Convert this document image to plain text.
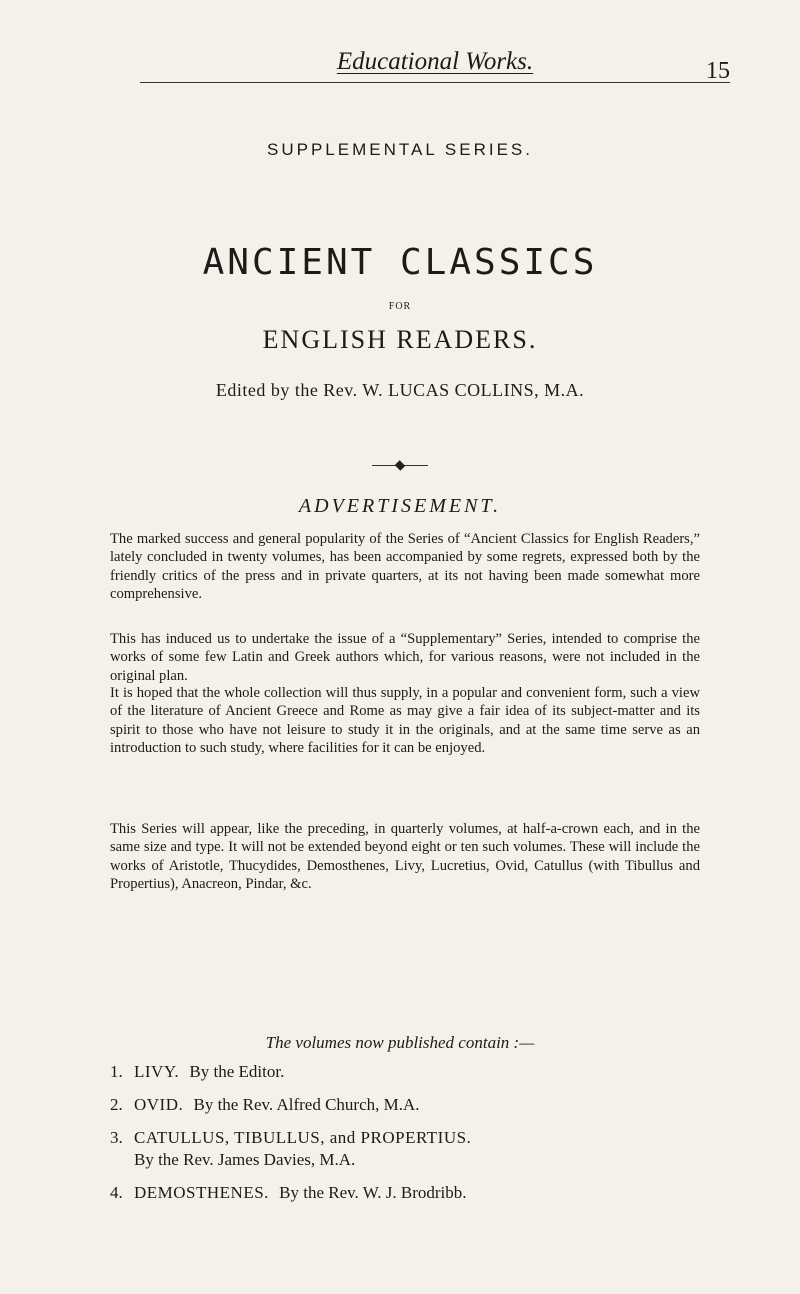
Educational Works.	15
SUPPLEMENTAL SERIES.
ANCIENT CLASSICS
FOR
ENGLISH READERS.
Edited by the Rev. W. LUCAS COLLINS, M.A.
ADVERTISEMENT.

The marked success and general popularity of the Series of “Ancient Classics for English Readers,” lately concluded in twenty volumes, has been accompanied by some regrets, expressed both by the friendly critics of the press and in private quarters, at its not having been made somewhat more comprehensive.

This has induced us to undertake the issue of a “Supplementary” Series, intended to comprise the works of some few Latin and Greek authors which, for various reasons, were not included in the original plan.

It is hoped that the whole collection will thus supply, in a popular and convenient form, such a view of the literature of Ancient Greece and Rome as may give a fair idea of its subject-matter and its spirit to those who have not leisure to study it in the originals, and at the same time serve as an introduction to such study, where facilities for it can be enjoyed.

This Series will appear, like the preceding, in quarterly volumes, at half-a-crown each, and in the same size and type. It will not be extended beyond eight or ten such volumes. These will include the works of Aristotle, Thucydides, Demosthenes, Livy, Lucretius, Ovid, Catullus (with Tibullus and Propertius), Anacreon, Pindar, &c.

The volumes now published contain :—
1. LIVY. By the Editor.
2. OVID. By the Rev. Alfred Church, M.A.
3. CATULLUS, TIBULLUS, and PROPERTIUS.
By the Rev. James Davies, M.A.
4. DEMOSTHENES. By the Rev. W. J. Brodribb.
